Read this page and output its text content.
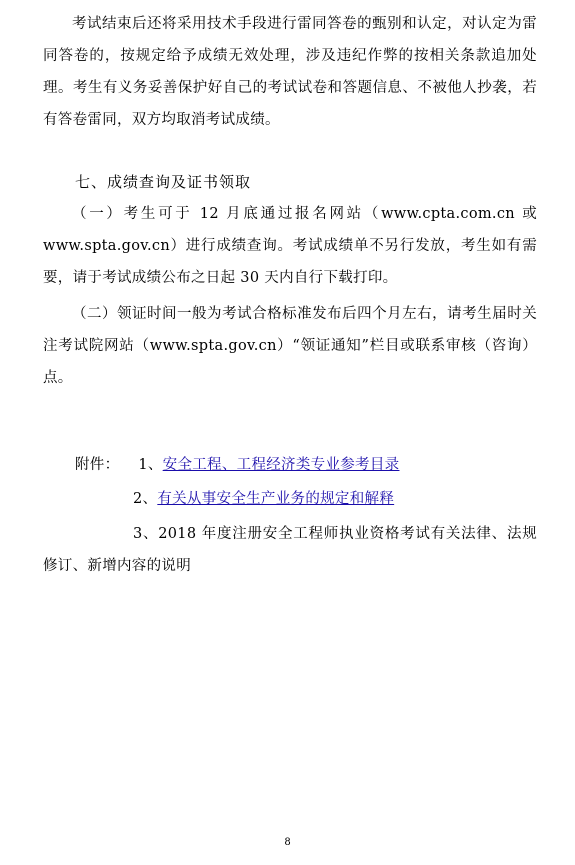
考试结束后还将采用技术手段进行雷同答卷的甄别和认定，对认定为雷同答卷的，按规定给予成绩无效处理，涉及违纪作弊的按相关条款追加处理。考生有义务妥善保护好自己的考试试卷和答题信息、不被他人抄袭，若有答卷雷同，双方均取消考试成绩。

七、成绩查询及证书领取

（一）考生可于 12 月底通过报名网站（www.cpta.com.cn 或 www.spta.gov.cn）进行成绩查询。考试成绩单不另行发放，考生如有需要，请于考试成绩公布之日起 30 天内自行下载打印。

（二）领证时间一般为考试合格标准发布后四个月左右，请考生届时关注考试院网站（www.spta.gov.cn）“领证通知”栏目或联系审核（咨询）点。

附件： 1、安全工程、工程经济类专业参考目录
2、有关从事安全生产业务的规定和解释

3、2018 年度注册安全工程师执业资格考试有关法律、法规修订、新增内容的说明

8
